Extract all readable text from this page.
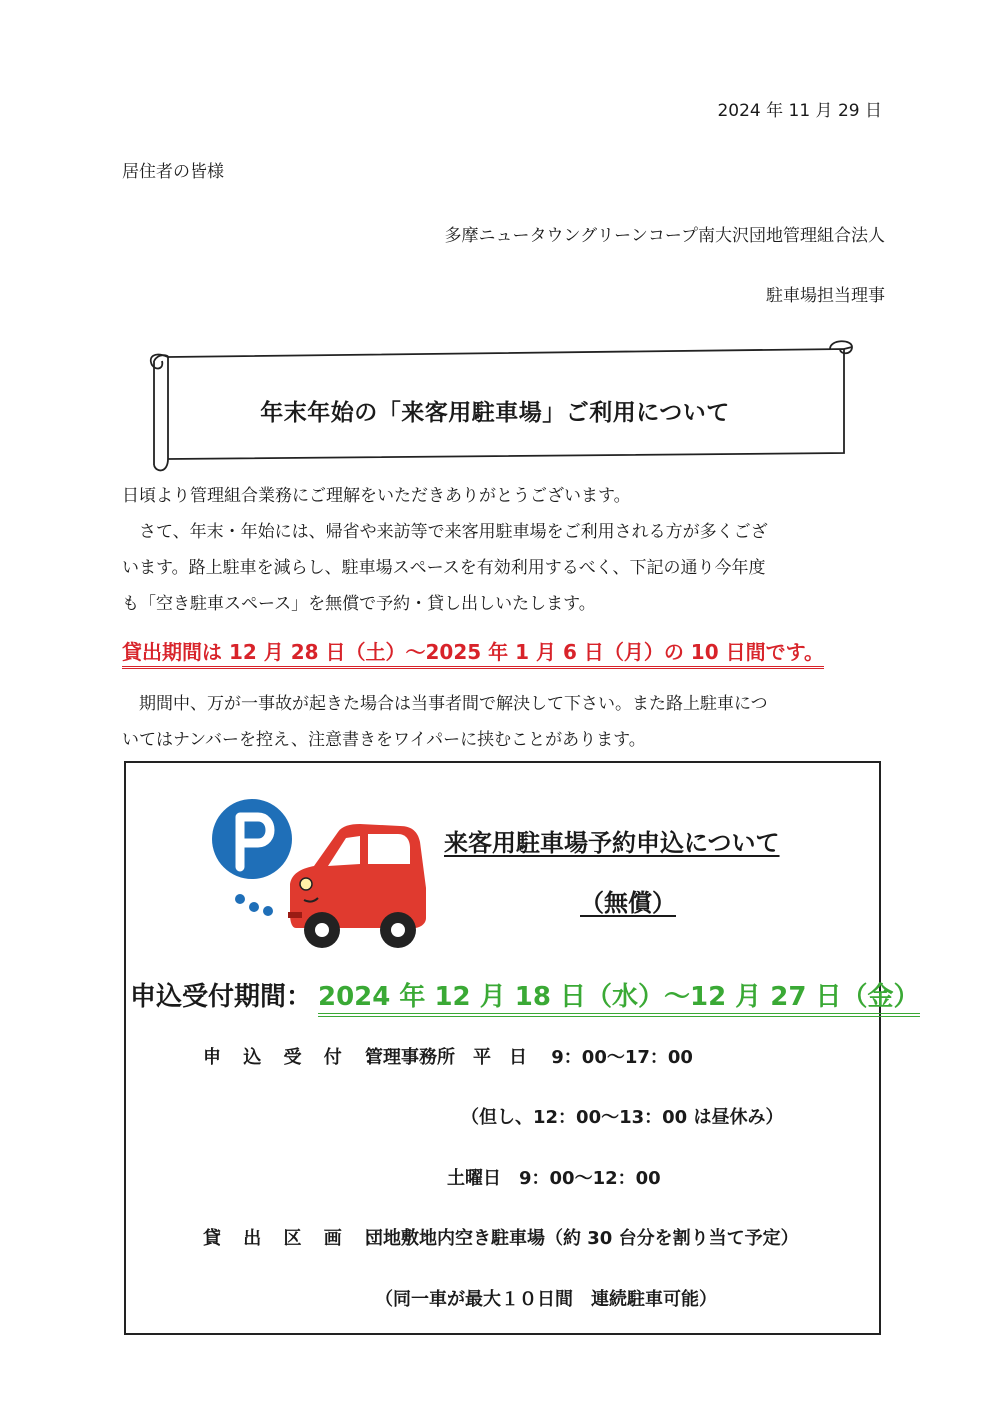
2024 年 11 月 29 日
居住者の皆様
多摩ニュータウングリーンコープ南大沢団地管理組合法人
駐車場担当理事
年末年始の「来客用駐車場」ご利用について

日頃より管理組合業務にご理解をいただきありがとうございます。

さて、年末・年始には、帰省や来訪等で来客用駐車場をご利用される方が多くござ

います。路上駐車を減らし、駐車場スペースを有効利用するべく、下記の通り今年度

も「空き駐車スペース」を無償で予約・貸し出しいたします。

貸出期間は 12 月 28 日（土）～2025 年 1 月 6 日（月）の 10 日間です。

期間中、万が一事故が起きた場合は当事者間で解決して下さい。また路上駐車につ

いてはナンバーを控え、注意書きをワイパーに挟むことがあります。

来客用駐車場予約申込について
（無償）
申込受付期間： 2024 年 12 月 18 日（水）～12 月 27 日（金）
申 込 受 付 ：
管理事務所　平　日　 9：00～17：00
（但し、12：00～13：00 は昼休み）
土曜日　9：00～12：00
貸 出 区 画 ：
団地敷地内空き駐車場（約 30 台分を割り当て予定）
（同一車が最大１０日間　連続駐車可能）
